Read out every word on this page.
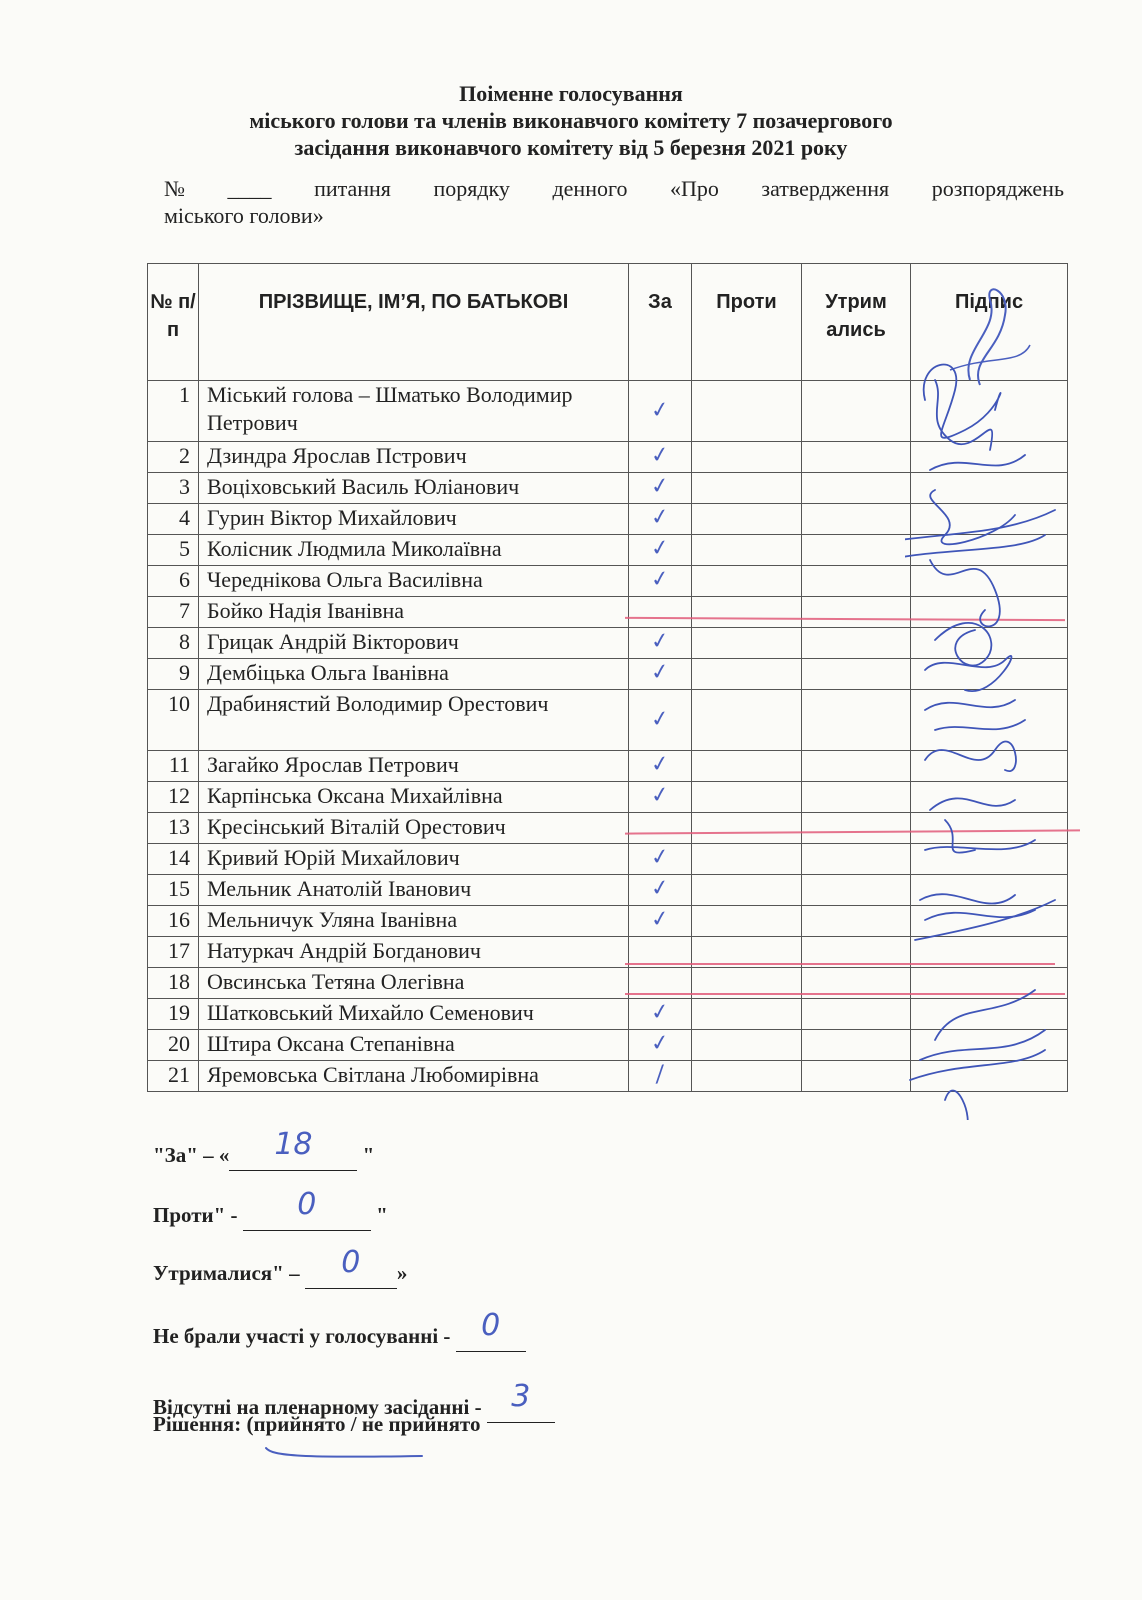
Поіменне голосування
міського голови та членів виконавчого комітету 7 позачергового
засідання виконавчого комітету від 5 березня 2021 року
№ ____ питання порядку денного «Про затвердження розпоряджень
міського голови»
№ п/п	ПРІЗВИЩЕ, ІМ’Я, ПО БАТЬКОВІ	За	Проти	Утрим ались	Підпис
1	Міський голова – Шматько Володимир Петрович	✓			
2	Дзиндра Ярослав Пстрович	✓			
3	Воціховський Василь Юліанович	✓			
4	Гурин Віктор Михайлович	✓			
5	Колісник Людмила Миколаївна	✓			
6	Череднікова Ольга Василівна	✓			
7	Бойко Надія Іванівна				
8	Грицак Андрій Вікторович	✓			
9	Дембіцька Ольга Іванівна	✓			
10	Драбинястий Володимир Орестович	✓			
11	Загайко Ярослав Петрович	✓			
12	Карпінська Оксана Михайлівна	✓			
13	Кресінський Віталій Орестович				
14	Кривий Юрій Михайлович	✓			
15	Мельник Анатолій Іванович	✓			
16	Мельничук Уляна Іванівна	✓			
17	Натуркач Андрій Богданович				
18	Овсинська Тетяна Олегівна				
19	Шатковський Михайло Семенович	✓			
20	Штира Оксана Степанівна	✓			
21	Яремовська Світлана Любомирівна	/			
"За" – « 18 "
Проти" - 0	"
Утрималися" – 0 »
Не брали участі у голосуванні - 0
Відсутні на пленарному засіданні - 3
Рішення: (прийнято / не прийнято
